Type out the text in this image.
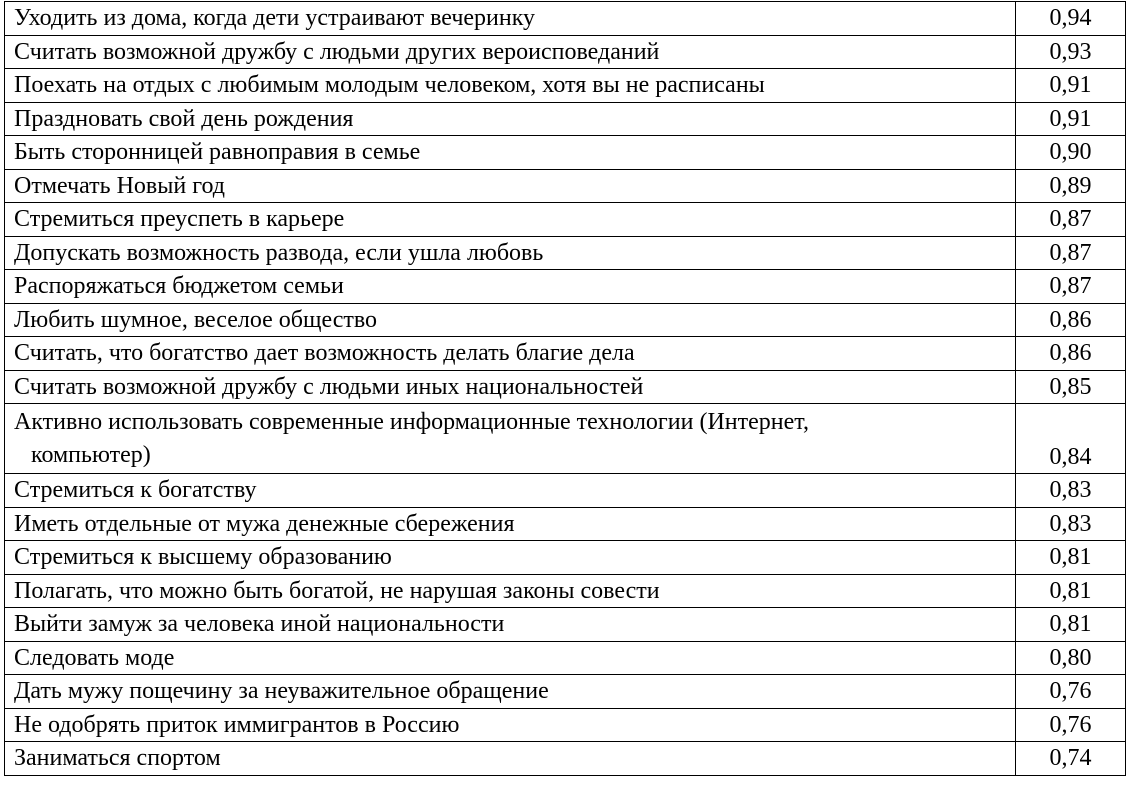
Уходить из дома, когда дети устраивают вечеринку	0,94
Считать возможной дружбу с людьми других вероисповеданий	0,93
Поехать на отдых с любимым молодым человеком, хотя вы не расписаны	0,91
Праздновать свой день рождения	0,91
Быть сторонницей равноправия в семье	0,90
Отмечать Новый год	0,89
Стремиться преуспеть в карьере	0,87
Допускать возможность развода, если ушла любовь	0,87
Распоряжаться бюджетом семьи	0,87
Любить шумное, веселое общество	0,86
Считать, что богатство дает возможность делать благие дела	0,86
Считать возможной дружбу с людьми иных национальностей	0,85
Активно использовать современные информационные технологии (Интернет,
компьютер)	0,84
Стремиться к богатству	0,83
Иметь отдельные от мужа денежные сбережения	0,83
Стремиться к высшему образованию	0,81
Полагать, что можно быть богатой, не нарушая законы совести	0,81
Выйти замуж за человека иной национальности	0,81
Следовать моде	0,80
Дать мужу пощечину за неуважительное обращение	0,76
Не одобрять приток иммигрантов в Россию	0,76
Заниматься спортом	0,74
